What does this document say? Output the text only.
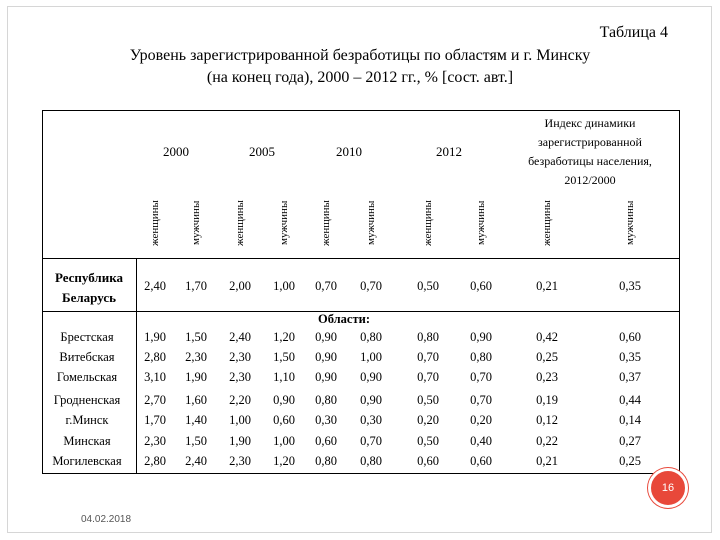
Таблица 4
Уровень зарегистрированной безработицы по областям и г. Минску
(на конец года), 2000 – 2012 гг., % [сост. авт.]
2000	2005	2010	2012
Индекс динамики зарегистрированной безработицы населения, 2012/2000
женщины	мужчины	женщины	мужчины	женщины	мужчины	женщины	мужчины	женщины	мужчины
Республика
Беларусь
2,40	1,70	2,00	1,00	0,70	0,70	0,50	0,60	0,21	0,35
Области:
Брестская	1,90	1,50	2,40	1,20	0,90	0,80	0,80	0,90	0,42	0,60
Витебская	2,80	2,30	2,30	1,50	0,90	1,00	0,70	0,80	0,25	0,35
Гомельская	3,10	1,90	2,30	1,10	0,90	0,90	0,70	0,70	0,23	0,37
Гродненская	2,70	1,60	2,20	0,90	0,80	0,90	0,50	0,70	0,19	0,44
г.Минск	1,70	1,40	1,00	0,60	0,30	0,30	0,20	0,20	0,12	0,14
Минская	2,30	1,50	1,90	1,00	0,60	0,70	0,50	0,40	0,22	0,27
Могилевская	2,80	2,40	2,30	1,20	0,80	0,80	0,60	0,60	0,21	0,25
16
04.02.2018
